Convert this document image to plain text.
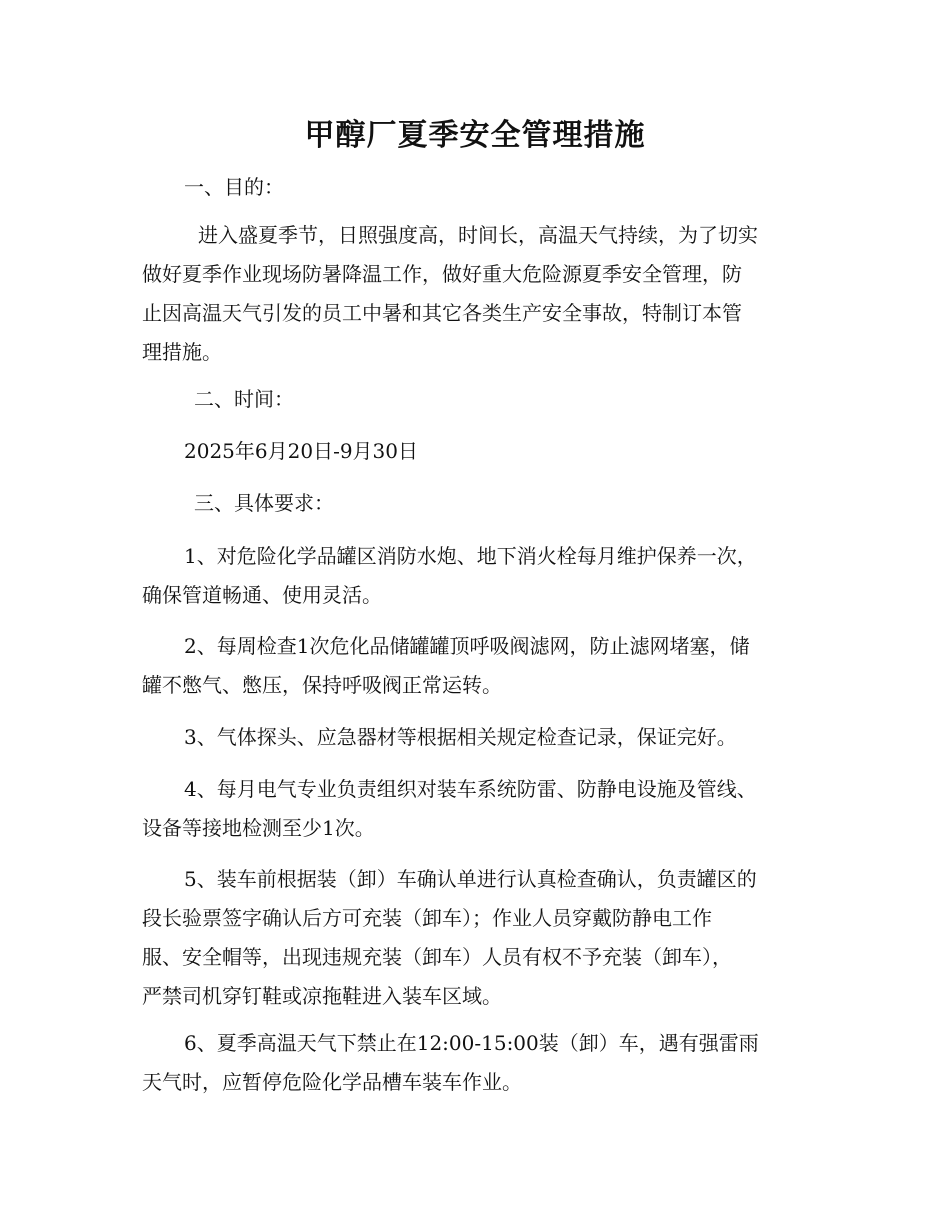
甲醇厂夏季安全管理措施

一、目的：

进入盛夏季节，日照强度高，时间长，高温天气持续，为了切实
做好夏季作业现场防暑降温工作，做好重大危险源夏季安全管理，防
止因高温天气引发的员工中暑和其它各类生产安全事故，特制订本管
理措施。

二、时间：

2025年6月20日-9月30日

三、具体要求：

1、对危险化学品罐区消防水炮、地下消火栓每月维护保养一次，
确保管道畅通、使用灵活。
2、每周检查1次危化品储罐罐顶呼吸阀滤网，防止滤网堵塞，储
罐不憋气、憋压，保持呼吸阀正常运转。
3、气体探头、应急器材等根据相关规定检查记录，保证完好。
4、每月电气专业负责组织对装车系统防雷、防静电设施及管线、
设备等接地检测至少1次。
5、装车前根据装（卸）车确认单进行认真检查确认，负责罐区的
段长验票签字确认后方可充装（卸车）；作业人员穿戴防静电工作
服、安全帽等，出现违规充装（卸车）人员有权不予充装（卸车），
严禁司机穿钉鞋或凉拖鞋进入装车区域。
6、夏季高温天气下禁止在12:00-15:00装（卸）车，遇有强雷雨
天气时，应暂停危险化学品槽车装车作业。
